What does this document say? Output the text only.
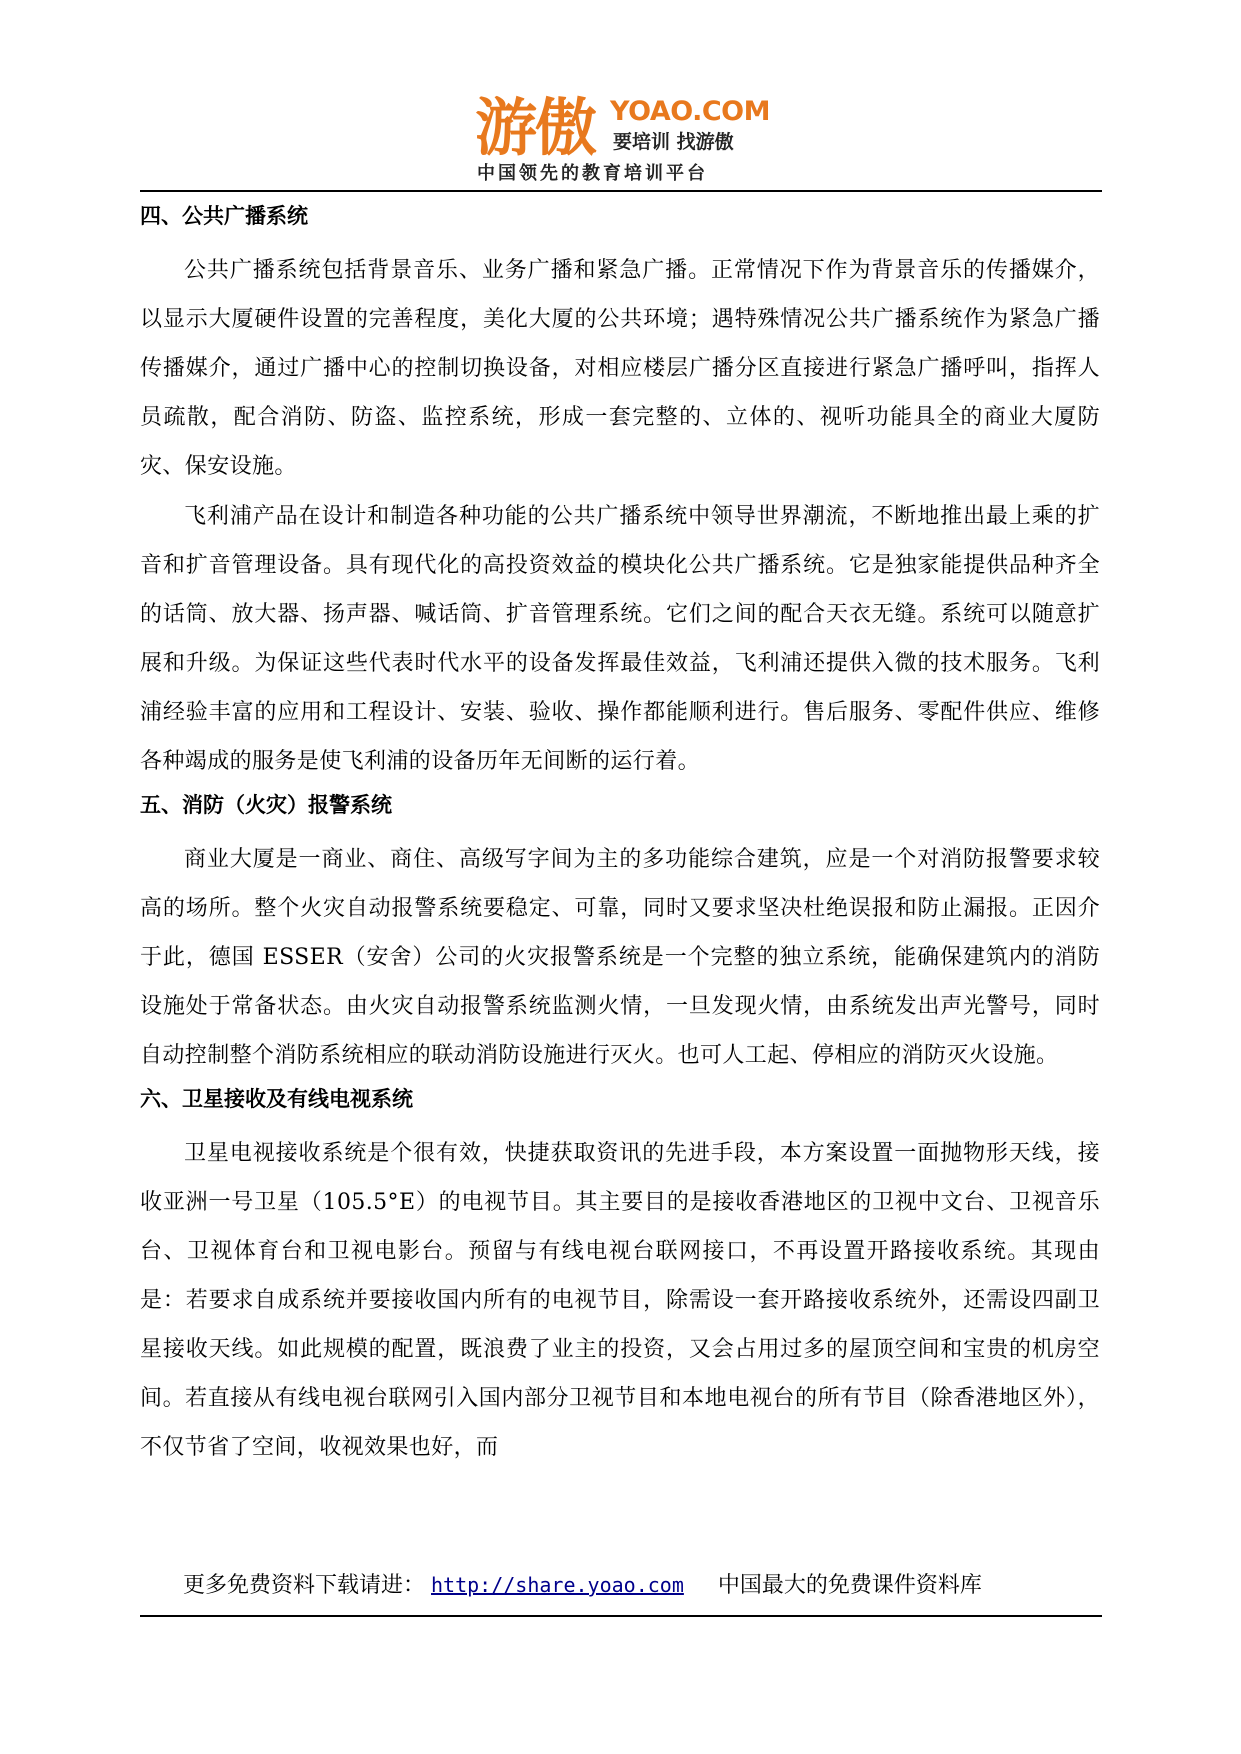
游傲 YOAO.COM
要培训 找游傲
中国领先的教育培训平台
四、公共广播系统

公共广播系统包括背景音乐、业务广播和紧急广播。正常情况下作为背景音乐的传播媒介，以显示大厦硬件设置的完善程度，美化大厦的公共环境；遇特殊情况公共广播系统作为紧急广播传播媒介，通过广播中心的控制切换设备，对相应楼层广播分区直接进行紧急广播呼叫，指挥人员疏散，配合消防、防盗、监控系统，形成一套完整的、立体的、视听功能具全的商业大厦防灾、保安设施。

飞利浦产品在设计和制造各种功能的公共广播系统中领导世界潮流，不断地推出最上乘的扩音和扩音管理设备。具有现代化的高投资效益的模块化公共广播系统。它是独家能提供品种齐全的话筒、放大器、扬声器、喊话筒、扩音管理系统。它们之间的配合天衣无缝。系统可以随意扩展和升级。为保证这些代表时代水平的设备发挥最佳效益，飞利浦还提供入微的技术服务。飞利浦经验丰富的应用和工程设计、安装、验收、操作都能顺利进行。售后服务、零配件供应、维修各种竭成的服务是使飞利浦的设备历年无间断的运行着。

五、消防（火灾）报警系统

商业大厦是一商业、商住、高级写字间为主的多功能综合建筑，应是一个对消防报警要求较高的场所。整个火灾自动报警系统要稳定、可靠，同时又要求坚决杜绝误报和防止漏报。正因介于此，德国 ESSER（安舍）公司的火灾报警系统是一个完整的独立系统，能确保建筑内的消防设施处于常备状态。由火灾自动报警系统监测火情，一旦发现火情，由系统发出声光警号，同时自动控制整个消防系统相应的联动消防设施进行灭火。也可人工起、停相应的消防灭火设施。

六、卫星接收及有线电视系统

卫星电视接收系统是个很有效，快捷获取资讯的先进手段，本方案设置一面抛物形天线，接收亚洲一号卫星（105.5°E）的电视节目。其主要目的是接收香港地区的卫视中文台、卫视音乐台、卫视体育台和卫视电影台。预留与有线电视台联网接口，不再设置开路接收系统。其现由是：若要求自成系统并要接收国内所有的电视节目，除需设一套开路接收系统外，还需设四副卫星接收天线。如此规模的配置，既浪费了业主的投资，又会占用过多的屋顶空间和宝贵的机房空间。若直接从有线电视台联网引入国内部分卫视节目和本地电视台的所有节目（除香港地区外），不仅节省了空间，收视效果也好，而

更多免费资料下载请进： http://share.yoao.com 中国最大的免费课件资料库
